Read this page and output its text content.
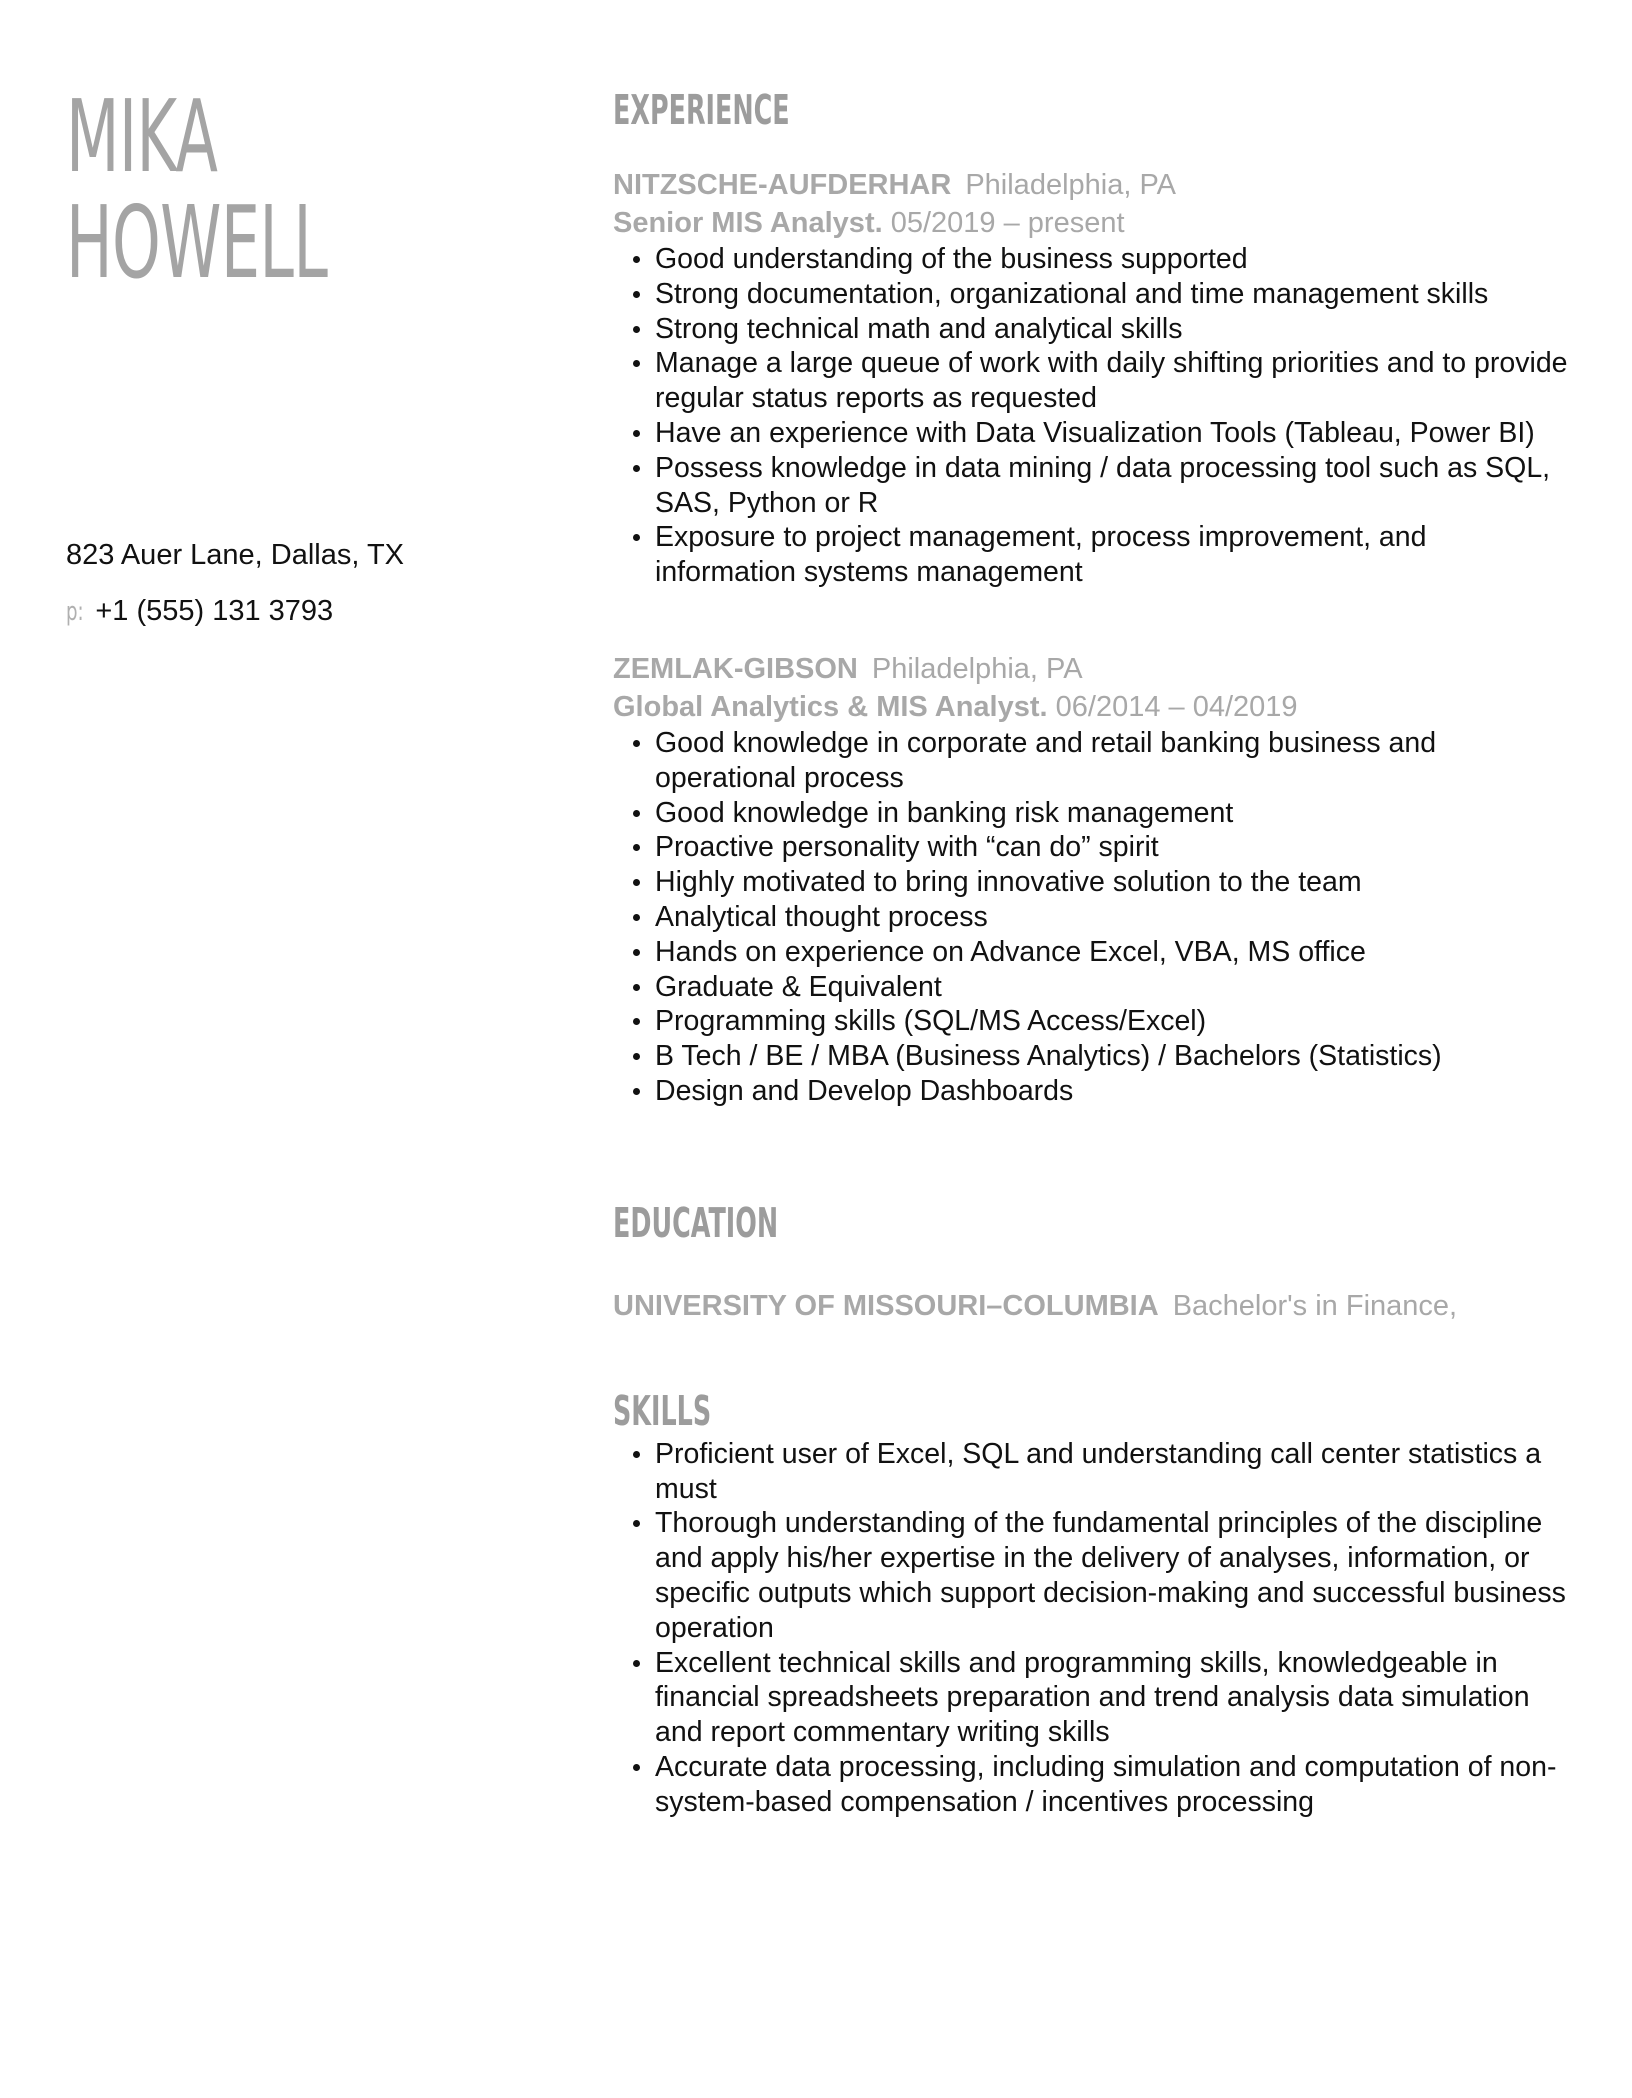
MIKA
HOWELL
823 Auer Lane, Dallas, TX
p: +1 (555) 131 3793
EXPERIENCE
NITZSCHE-AUFDERHAR Philadelphia, PA
Senior MIS Analyst. 05/2019 – present
Good understanding of the business supported
Strong documentation, organizational and time management skills
Strong technical math and analytical skills
Manage a large queue of work with daily shifting priorities and to provide regular status reports as requested
Have an experience with Data Visualization Tools (Tableau, Power BI)
Possess knowledge in data mining / data processing tool such as SQL, SAS, Python or R
Exposure to project management, process improvement, and information systems management
ZEMLAK-GIBSON Philadelphia, PA
Global Analytics & MIS Analyst. 06/2014 – 04/2019
Good knowledge in corporate and retail banking business and operational process
Good knowledge in banking risk management
Proactive personality with “can do” spirit
Highly motivated to bring innovative solution to the team
Analytical thought process
Hands on experience on Advance Excel, VBA, MS office
Graduate & Equivalent
Programming skills (SQL/MS Access/Excel)
B Tech / BE / MBA (Business Analytics) / Bachelors (Statistics)
Design and Develop Dashboards
EDUCATION
UNIVERSITY OF MISSOURI–COLUMBIA Bachelor's in Finance,
SKILLS
Proficient user of Excel, SQL and understanding call center statistics a must
Thorough understanding of the fundamental principles of the discipline and apply his/her expertise in the delivery of analyses, information, or specific outputs which support decision-making and successful business operation
Excellent technical skills and programming skills, knowledgeable in financial spreadsheets preparation and trend analysis data simulation and report commentary writing skills
Accurate data processing, including simulation and computation of non-system-based compensation / incentives processing
